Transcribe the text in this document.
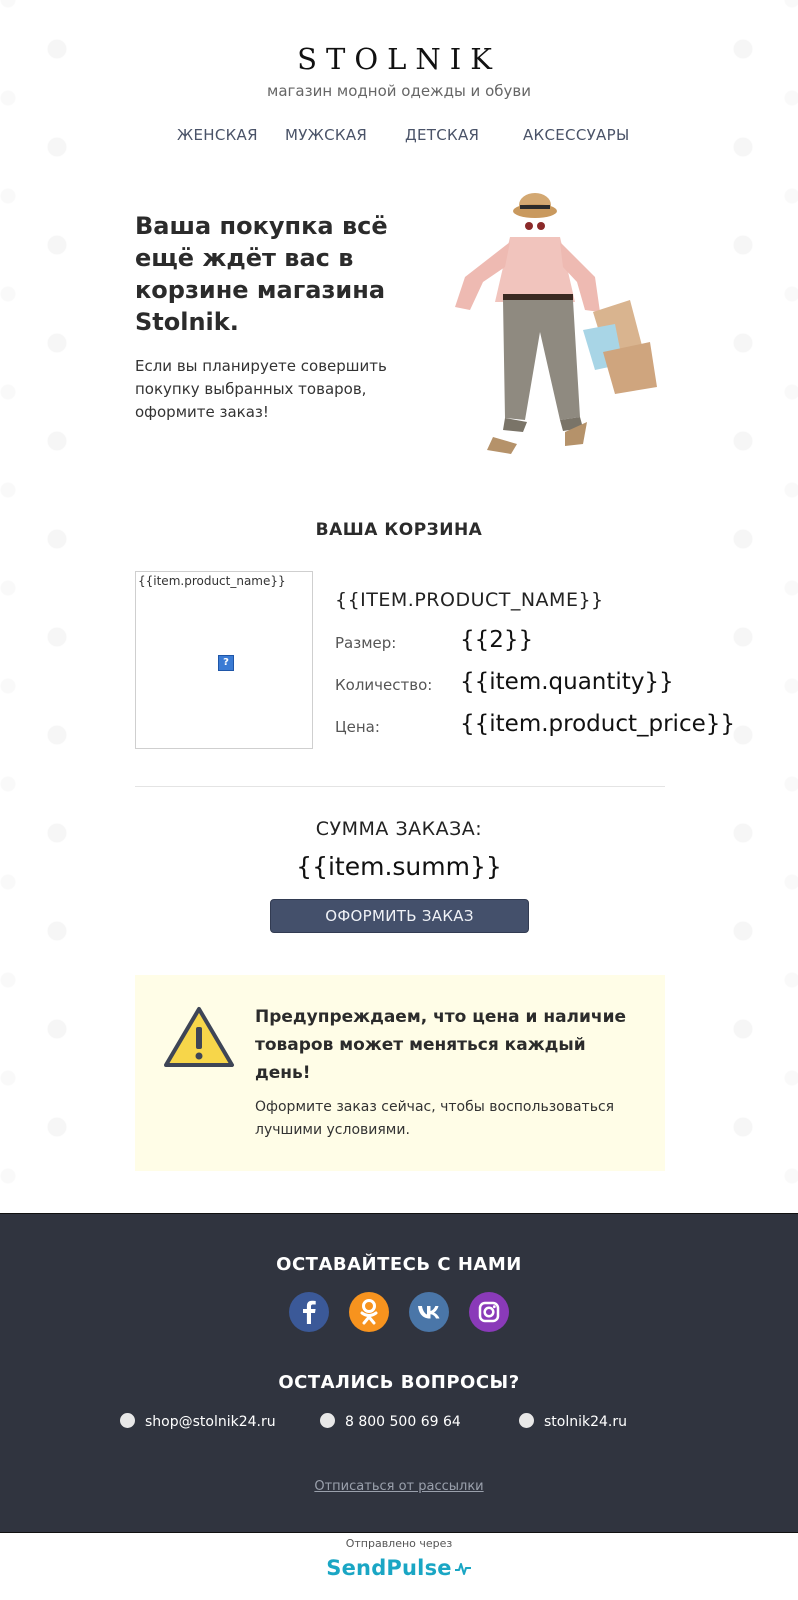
STOLNIK
магазин модной одежды и обуви
ЖЕНСКАЯ МУЖСКАЯ	ДЕТСКАЯ	АКСЕССУАРЫ
Ваша покупка всё ещё ждёт вас в корзине магазина Stolnik.
Если вы планируете совершить покупку выбранных товаров, оформите заказ!
ВАША КОРЗИНА
{{item.product_name}}
?
{{ITEM.PRODUCT_NAME}}
Размер:	{{2}}
Количество: {{item.quantity}}
Цена:	{{item.product_price}}
СУММА ЗАКАЗА:
{{item.summ}}
ОФОРМИТЬ ЗАКАЗ
Предупреждаем, что цена и наличие товаров может меняться каждый день!
Оформите заказ сейчас, чтобы воспользоваться лучшими условиями.
ОСТАВАЙТЕСЬ С НАМИ
ОСТАЛИСЬ ВОПРОСЫ?
shop@stolnik24.ru	8 800 500 69 64	stolnik24.ru
Отписаться от рассылки
Отправлено через
SendPulse
